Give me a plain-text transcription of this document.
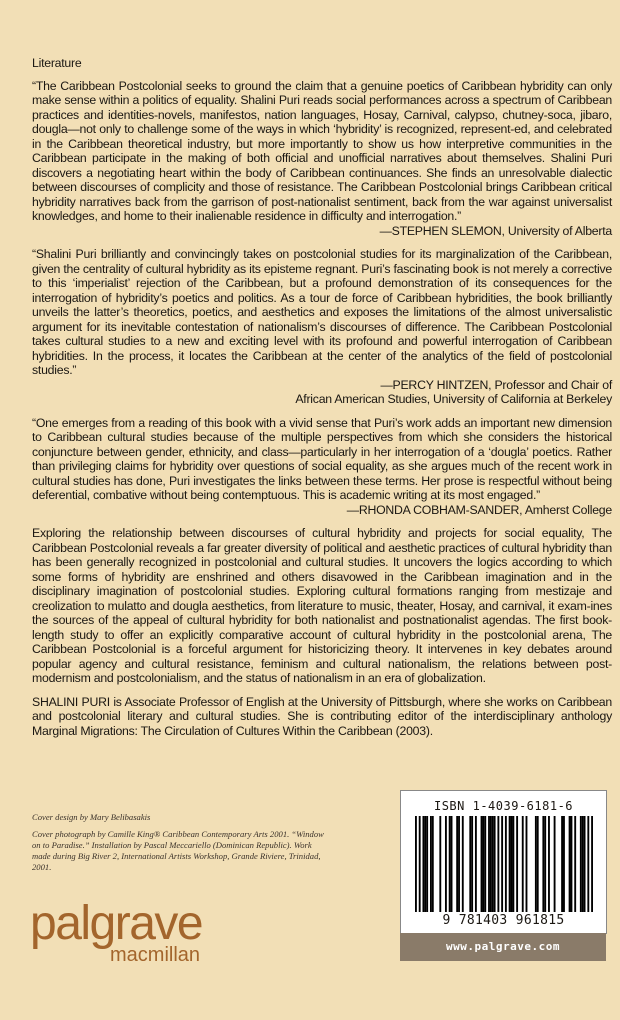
Literature

“The Caribbean Postcolonial seeks to ground the claim that a genuine poetics of Caribbean hybridity can only make sense within a politics of equality. Shalini Puri reads social performances across a spectrum of Caribbean practices and identities-novels, manifestos, nation languages, Hosay, Carnival, calypso, chutney-soca, jibaro, dougla—not only to challenge some of the ways in which ‘hybridity’ is recognized, represent-ed, and celebrated in the Caribbean theoretical industry, but more importantly to show us how interpretive communities in the Caribbean participate in the making of both official and unofficial narratives about themselves. Shalini Puri discovers a negotiating heart within the body of Caribbean continuances. She finds an unresolvable dialectic between discourses of complicity and those of resistance. The Caribbean Postcolonial brings Caribbean critical hybridity narratives back from the garrison of post-nationalist sentiment, back from the war against universalist knowledges, and home to their inalienable residence in difficulty and interrogation.”

—STEPHEN SLEMON, University of Alberta

“Shalini Puri brilliantly and convincingly takes on postcolonial studies for its marginalization of the Caribbean, given the centrality of cultural hybridity as its episteme regnant. Puri’s fascinating book is not merely a corrective to this ‘imperialist’ rejection of the Caribbean, but a profound demonstration of its consequences for the interrogation of hybridity’s poetics and politics. As a tour de force of Caribbean hybridities, the book brilliantly unveils the latter’s theoretics, poetics, and aesthetics and exposes the limitations of the almost universalistic argument for its inevitable contestation of nationalism’s discourses of difference. The Caribbean Postcolonial takes cultural studies to a new and exciting level with its profound and powerful interrogation of Caribbean hybridities. In the process, it locates the Caribbean at the center of the analytics of the field of postcolonial studies.”

—PERCY HINTZEN, Professor and Chair of

African American Studies, University of California at Berkeley

“One emerges from a reading of this book with a vivid sense that Puri’s work adds an important new dimension to Caribbean cultural studies because of the multiple perspectives from which she considers the historical conjuncture between gender, ethnicity, and class—particularly in her interrogation of a ‘dougla’ poetics. Rather than privileging claims for hybridity over questions of social equality, as she argues much of the recent work in cultural studies has done, Puri investigates the links between these terms. Her prose is respectful without being deferential, combative without being contemptuous. This is academic writing at its most engaged.”

—RHONDA COBHAM-SANDER, Amherst College

Exploring the relationship between discourses of cultural hybridity and projects for social equality, The Caribbean Postcolonial reveals a far greater diversity of political and aesthetic practices of cultural hybridity than has been generally recognized in postcolonial and cultural studies. It uncovers the logics according to which some forms of hybridity are enshrined and others disavowed in the Caribbean imagination and in the disciplinary imagination of postcolonial studies. Exploring cultural formations ranging from mestizaje and creolization to mulatto and dougla aesthetics, from literature to music, theater, Hosay, and carnival, it exam-ines the sources of the appeal of cultural hybridity for both nationalist and postnationalist agendas. The first book-length study to offer an explicitly comparative account of cultural hybridity in the postcolonial arena, The Caribbean Postcolonial is a forceful argument for historicizing theory. It intervenes in key debates around popular agency and cultural resistance, feminism and cultural nationalism, the relations between post-modernism and postcolonialism, and the status of nationalism in an era of globalization.

SHALINI PURI is Associate Professor of English at the University of Pittsburgh, where she works on Caribbean and postcolonial literary and cultural studies. She is contributing editor of the interdisciplinary anthology Marginal Migrations: The Circulation of Cultures Within the Caribbean (2003).

Cover design by Mary Belibasakis

Cover photograph by Camille King® Caribbean Contemporary Arts 2001. “Window on to Paradise.” Installation by Pascal Meccariello (Dominican Republic). Work made during Big River 2, International Artists Workshop, Grande Riviere, Trinidad, 2001.

palgrave
macmillan
ISBN 1-4039-6181-6
9 781403 961815
www.palgrave.com
